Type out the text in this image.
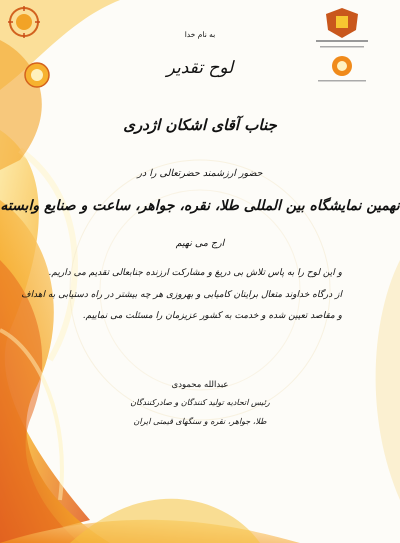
به نام خدا
لوح تقدیر
جناب آقای اشکان اژدری
حضور ارزشمند حضرتعالی را در
نهمین نمایشگاه بین المللی طلا، نقره، جواهر، ساعت و صنایع وابسته
ارج می نهیم
و این لوح را به پاس تلاش بی دریغ و مشارکت ارزنده جنابعالی تقدیم می داریم.
از درگاه خداوند متعال برایتان کامیابی و بهروزی هر چه بیشتر در راه دستیابی به اهداف
و مقاصد تعیین شده و خدمت به کشور عزیزمان را مسئلت می نماییم.
عبدالله محمودی
رئیس اتحادیه تولید کنندگان و صادرکنندگان
طلا، جواهر، نقره و سنگهای قیمتی ایران
